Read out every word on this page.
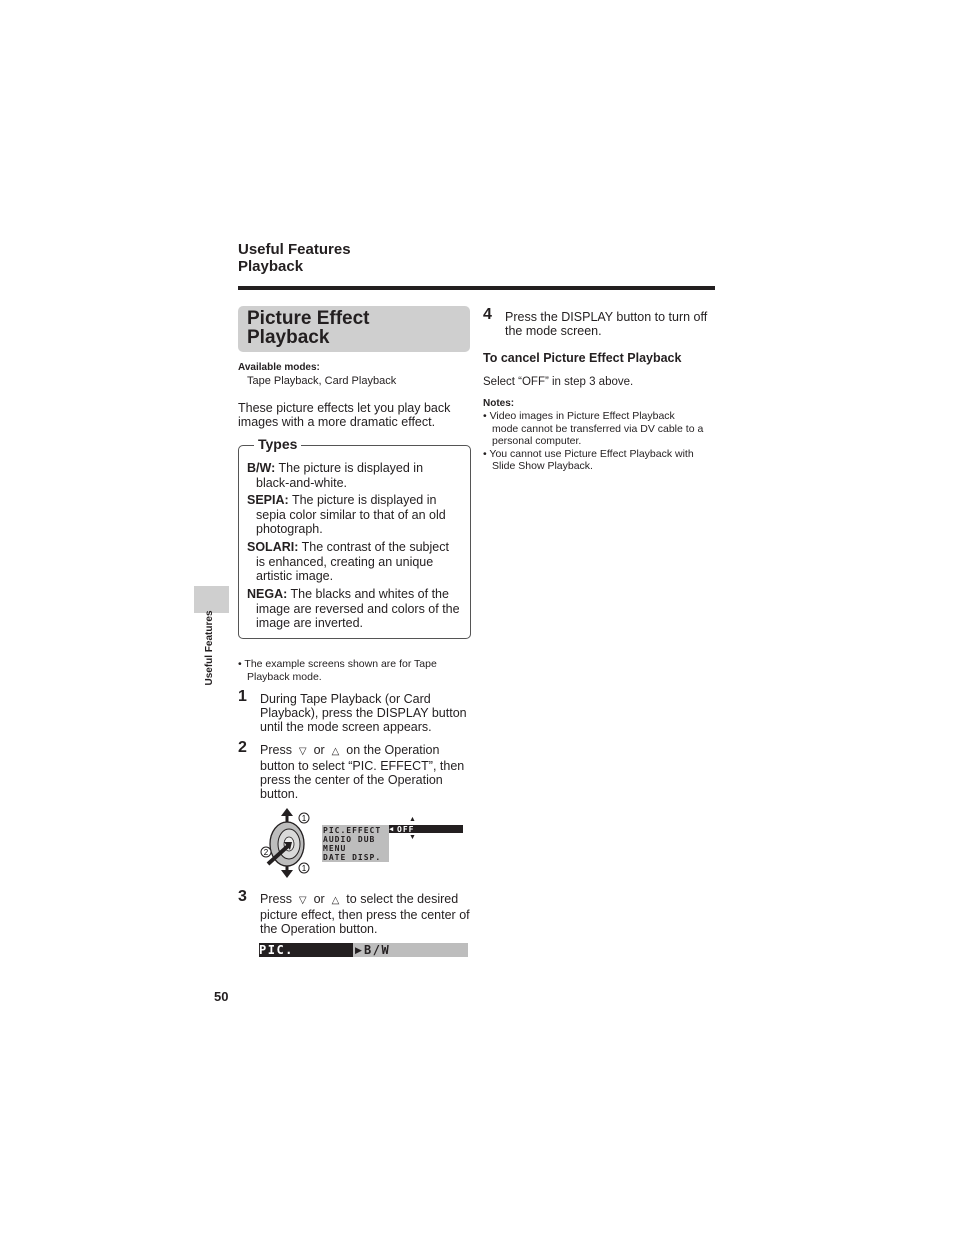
Useful Features
Playback
Useful Features
Picture Effect
Playback
Available modes:
Tape Playback, Card Playback
These picture effects let you play back
images with a more dramatic effect.
Types
B/W: The picture is displayed in
black-and-white.
SEPIA: The picture is displayed in
sepia color similar to that of an old
photograph.
SOLARI: The contrast of the subject
is enhanced, creating an unique
artistic image.
NEGA: The blacks and whites of the
image are reversed and colors of the
image are inverted.
• The example screens shown are for Tape
Playback mode.
1 During Tape Playback (or Card
Playback), press the DISPLAY button
until the mode screen appears.
2 Press ▽ or △ on the Operation
button to select “PIC. EFFECT”, then
press the center of the Operation
button.
1
2
1
PIC.EFFECT
AUDIO DUB
MENU
DATE DISP.
◀ OFF
▲
▼
3 Press ▽ or △ to select the desired
picture effect, then press the center of
the Operation button.
PIC. EFFECT
▶ B/W
50
4 Press the DISPLAY button to turn off
the mode screen.
To cancel Picture Effect Playback
Select “OFF” in step 3 above.
Notes:
• Video images in Picture Effect Playback
mode cannot be transferred via DV cable to a
personal computer.
• You cannot use Picture Effect Playback with
Slide Show Playback.
